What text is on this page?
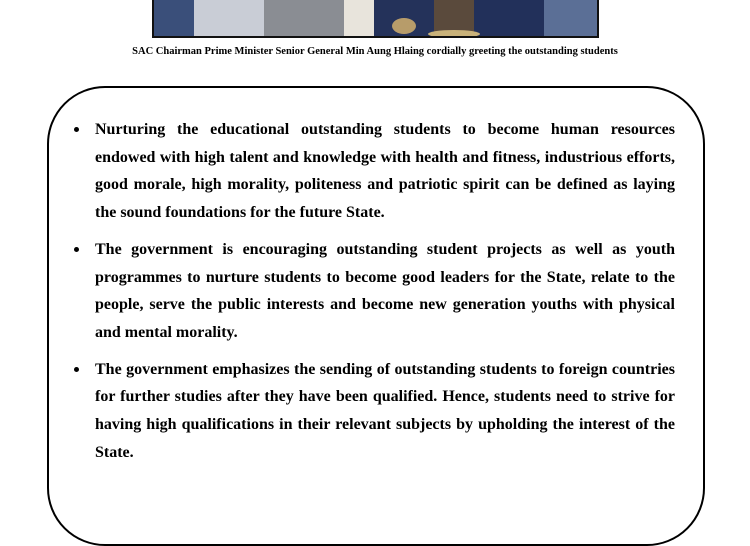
SAC Chairman Prime Minister Senior General Min Aung Hlaing cordially greeting the outstanding students
Nurturing the educational outstanding students to become human resources endowed with high talent and knowledge with health and fitness, industrious efforts, good morale, high morality, politeness and patriotic spirit can be defined as laying the sound foundations for the future State.
The government is encouraging outstanding student projects as well as youth programmes to nurture students to become good leaders for the State, relate to the people, serve the public interests and become new generation youths with physical and mental morality.
The government emphasizes the sending of outstanding students to foreign countries for further studies after they have been qualified. Hence, students need to strive for having high qualifications in their relevant subjects by upholding the interest of the State.
